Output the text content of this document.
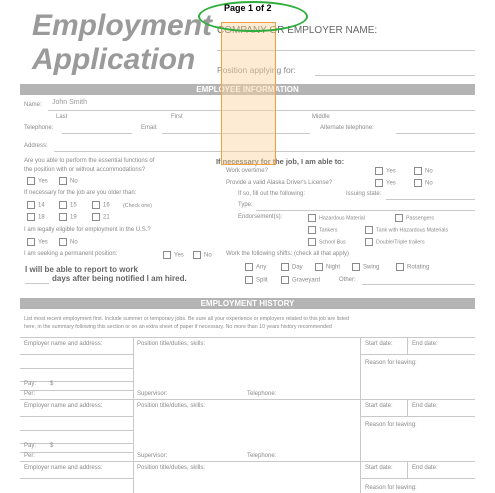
Employment
Application
COMPANY OR EMPLOYER NAME:
Position applying for:
EMPLOYEE INFORMATION
Name: John Smith
Last	First	Middle
Telephone:	Email:	Alternate telephone:
Address:
Are you able to perform the essential functions of
the position with or without accommodations?
Yes	No
If necessary for the job are you older than:
14	15	16	(Check one)
18	19	21
I am legally eligible for employment in the U.S.?
Yes	No
I am seeking a permanent position:	Yes	No
I will be able to report to work
days after being notified I am hired.
If necessary for the job, I am able to:
Work overtime?	Yes	No
Provide a valid Alaska Driver's License?	Yes	No
If so, fill out the following:	Issuing state:
Type:
Endorsement(s):	Hazardous Material	Passengers
Tankers	Tank with Hazardous Materials
School Bus	Double/Triple trailers
Work the following shifts: (check all that apply)
Any	Day	Night	Swing	Rotating
Split	Graveyard	Other:
EMPLOYMENT HISTORY
List most recent employment first. Include summer or temporary jobs. Be sure all your experience or employers related to this job are listed
here, in the summary following this section or on an extra sheet of paper if necessary. No more than 10 years history recommended
Employer name and address:	Position title/duties, skills:	Start date:	End date:
Reason for leaving:
Pay: $
Per:	Supervisor:	Telephone:
Employer name and address:	Position title/duties, skills:	Start date:	End date:
Reason for leaving:
Pay: $
Per:	Supervisor:	Telephone:
Employer name and address:	Position title/duties, skills:	Start date:	End date:
Reason for leaving:
Page 1 of 2
